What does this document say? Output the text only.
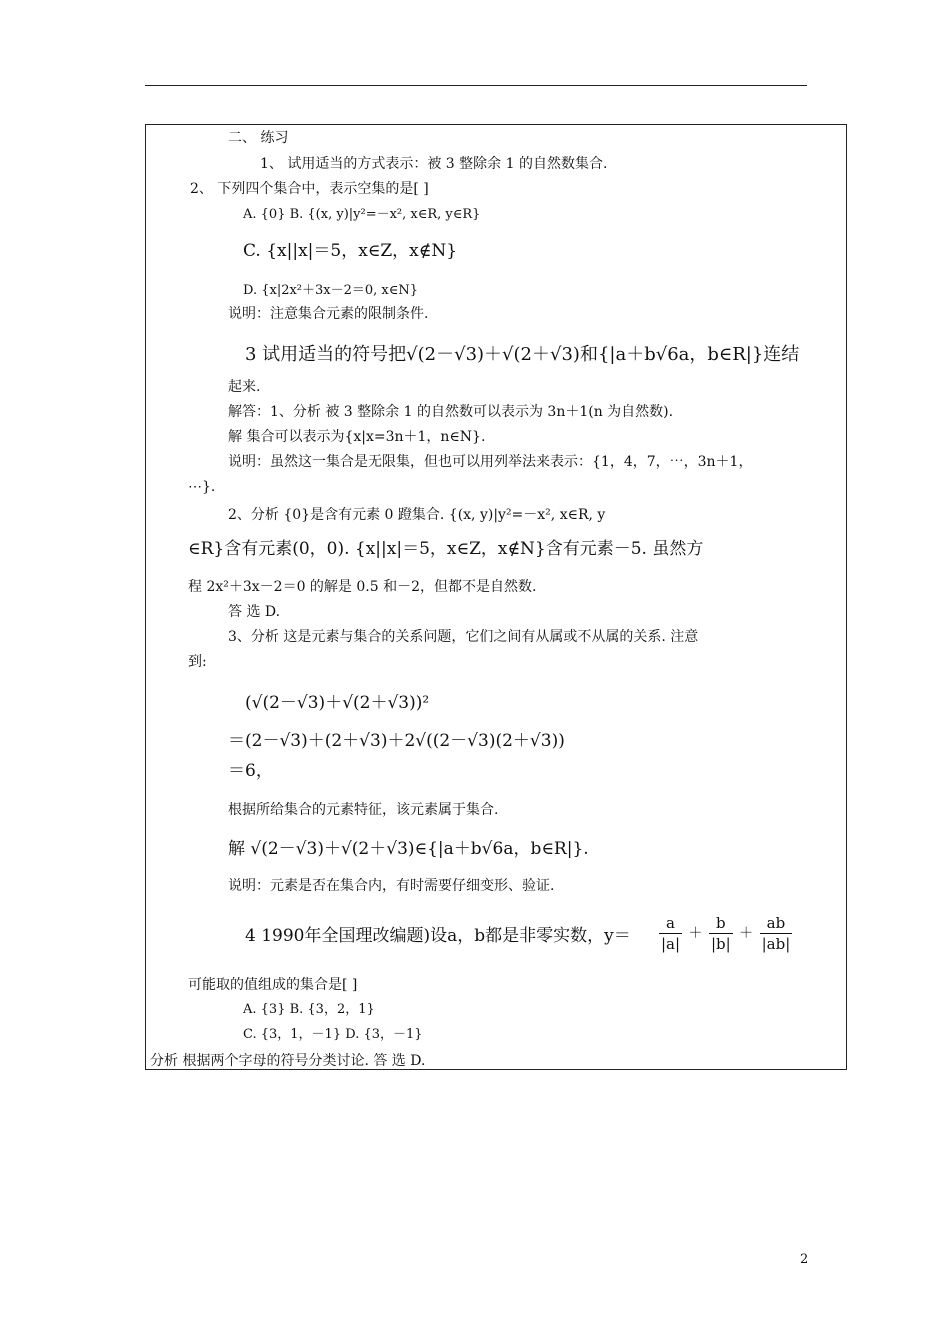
二、 练习
1、 试用适当的方式表示：被 3 整除余 1 的自然数集合.
2、 下列四个集合中，表示空集的是[ ]
A. {0} B. {(x, y)|y²=－x², x∈R, y∈R}
C. {x||x|＝5，x∈Z，x∉N}
D. {x|2x²＋3x－2＝0, x∈N}
说明：注意集合元素的限制条件.
3 试用适当的符号把√(2－√3)＋√(2＋√3)和{|a＋b√6a，b∈R|}连结
起来.
解答：1、分析 被 3 整除余 1 的自然数可以表示为 3n＋1(n 为自然数).
解 集合可以表示为{x|x=3n＋1，n∈N}.
说明：虽然这一集合是无限集，但也可以用列举法来表示：{1，4，7，⋯，3n＋1，
⋯}.
2、分析 {0}是含有元素 0 蹬集合. {(x, y)|y²=－x², x∈R, y
∈R}含有元素(0，0). {x||x|＝5，x∈Z，x∉N}含有元素－5. 虽然方
程 2x²＋3x－2＝0 的解是 0.5 和－2，但都不是自然数.
答 选 D.
3、分析 这是元素与集合的关系问题，它们之间有从属或不从属的关系. 注意
到:
(√(2－√3)＋√(2＋√3))²
＝(2－√3)＋(2＋√3)＋2√((2－√3)(2＋√3))
＝6，
根据所给集合的元素特征，该元素属于集合.
解 √(2－√3)＋√(2＋√3)∈{|a＋b√6a，b∈R|}.
说明：元素是否在集合内，有时需要仔细变形、验证.
4 1990年全国理改编题)设a，b都是非零实数，$y= \frac{a}{|a|} + \frac{b}{|b|} + \frac{ab}{|ab|}$
可能取的值组成的集合是[ ]
A. {3} B. {3，2，1}
C. {3，1，－1} D. {3，－1}
分析 根据两个字母的符号分类讨论. 答 选 D.
2
